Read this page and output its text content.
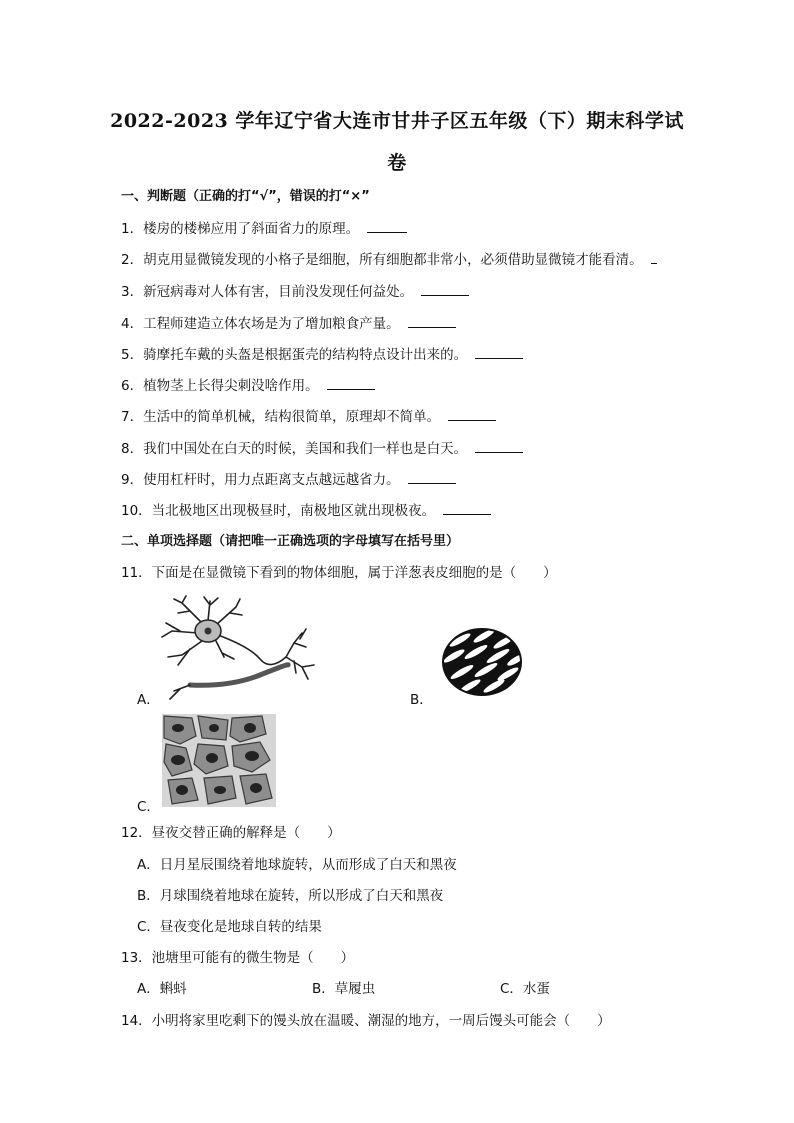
2022-2023 学年辽宁省大连市甘井子区五年级（下）期末科学试
卷
一、判断题（正确的打“√”，错误的打“×”
1．楼房的楼梯应用了斜面省力的原理。
2．胡克用显微镜发现的小格子是细胞，所有细胞都非常小，必须借助显微镜才能看清。
3．新冠病毒对人体有害，目前没发现任何益处。
4．工程师建造立体农场是为了增加粮食产量。
5．骑摩托车戴的头盔是根据蛋壳的结构特点设计出来的。
6．植物茎上长得尖刺没啥作用。
7．生活中的简单机械，结构很简单，原理却不简单。
8．我们中国处在白天的时候，美国和我们一样也是白天。
9．使用杠杆时，用力点距离支点越远越省力。
10．当北极地区出现极昼时，南极地区就出现极夜。
二、单项选择题（请把唯一正确选项的字母填写在括号里）
11．下面是在显微镜下看到的物体细胞，属于洋葱表皮细胞的是（　　）
A．	B．
C．
12．昼夜交替正确的解释是（　　）
A．日月星辰围绕着地球旋转，从而形成了白天和黑夜
B．月球围绕着地球在旋转，所以形成了白天和黑夜
C．昼夜变化是地球自转的结果
13．池塘里可能有的微生物是（　　）
A．蝌蚪	B．草履虫	C．水蛋
14．小明将家里吃剩下的馒头放在温暖、潮湿的地方，一周后馒头可能会（　　）
